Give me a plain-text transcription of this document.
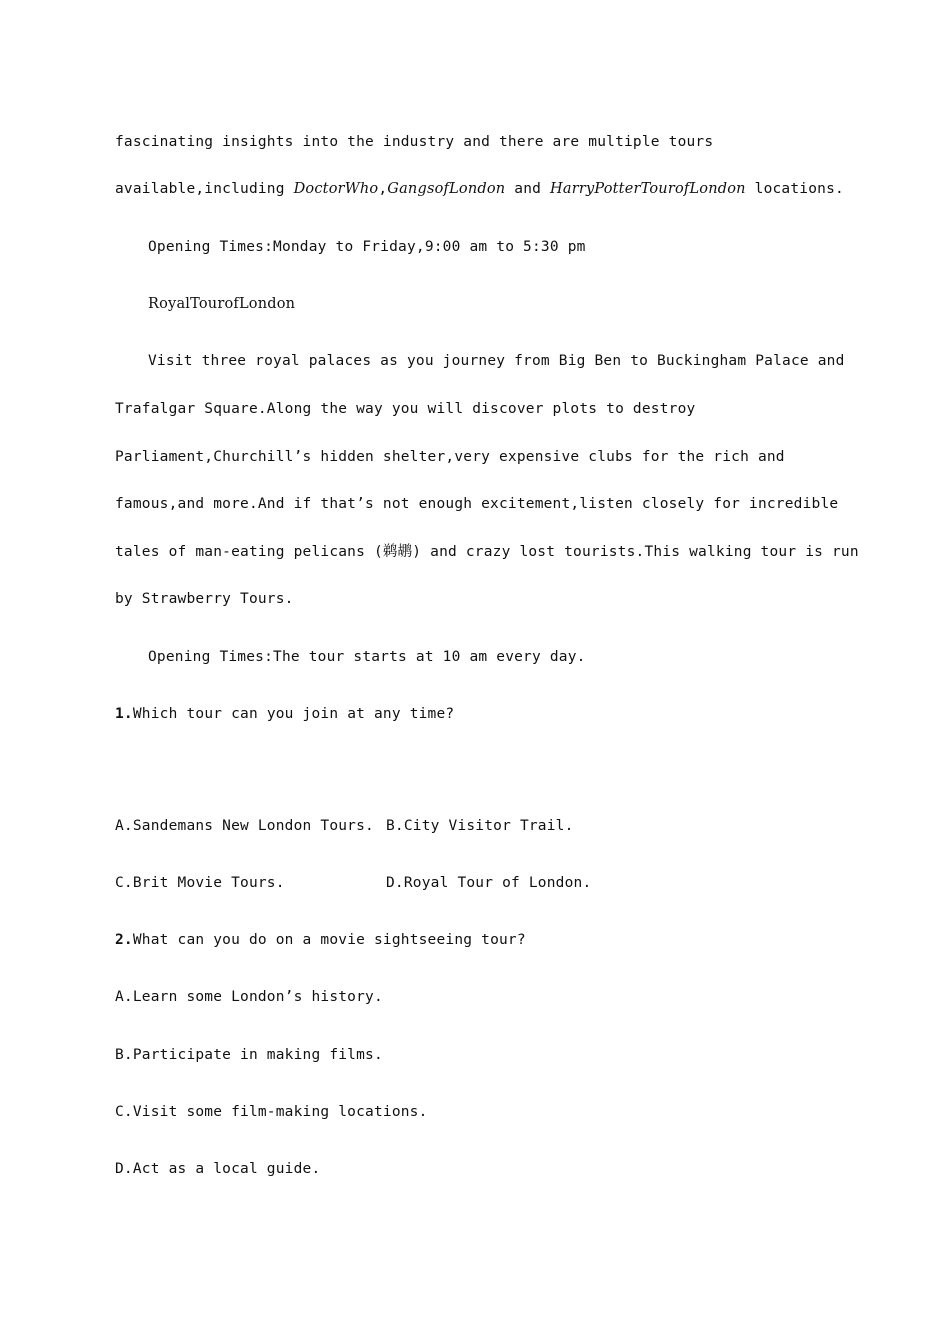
fascinating insights into the industry and there are multiple tours
available,including DoctorWho,GangsofLondon and HarryPotterTourofLondon locations.
Opening Times:Monday to Friday,9:00 am to 5:30 pm
RoyalTourofLondon
Visit three royal palaces as you journey from Big Ben to Buckingham Palace and
Trafalgar Square.Along the way you will discover plots to destroy
Parliament,Churchill’s hidden shelter,very expensive clubs for the rich and
famous,and more.And if that’s not enough excitement,listen closely for incredible
tales of man-eating pelicans (鹈鹕) and crazy lost tourists.This walking tour is run
by Strawberry Tours.
Opening Times:The tour starts at 10 am every day.
1.Which tour can you join at any time?
A.Sandemans New London Tours. B.City Visitor Trail.
C.Brit Movie Tours.	D.Royal Tour of London.
2.What can you do on a movie sightseeing tour?
A.Learn some London’s history.
B.Participate in making films.
C.Visit some film-making locations.
D.Act as a local guide.
